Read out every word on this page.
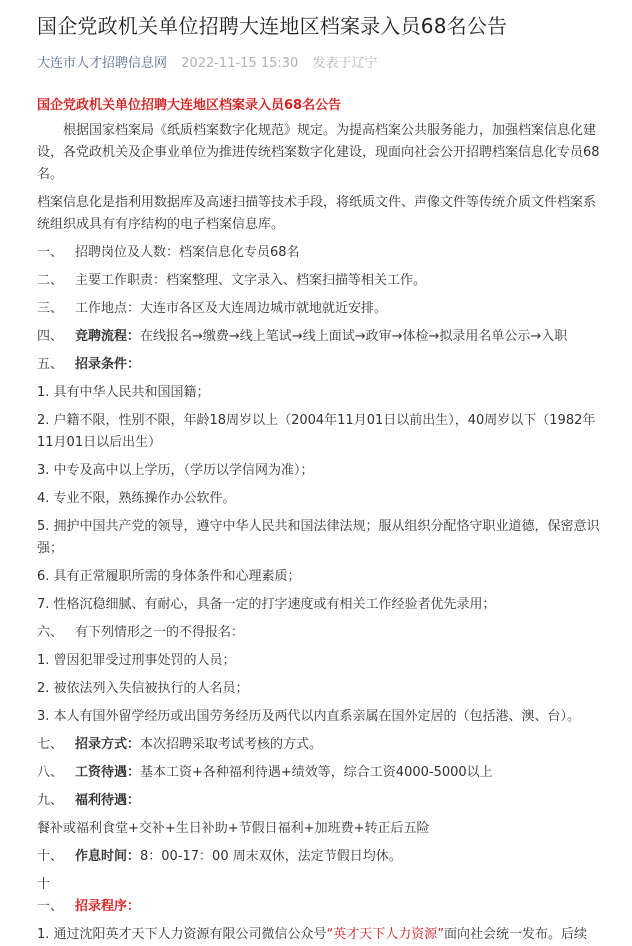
国企党政机关单位招聘大连地区档案录入员68名公告
大连市人才招聘信息网 2022-11-15 15:30 发表于辽宁

国企党政机关单位招聘大连地区档案录入员68名公告

根据国家档案局《纸质档案数字化规范》规定。为提高档案公共服务能力，加强档案信息化建设，各党政机关及企事业单位为推进传统档案数字化建设，现面向社会公开招聘档案信息化专员68名。

档案信息化是指利用数据库及高速扫描等技术手段，将纸质文件、声像文件等传统介质文件档案系统组织成具有有序结构的电子档案信息库。

一、 招聘岗位及人数：档案信息化专员68名

二、 主要工作职责：档案整理、文字录入、档案扫描等相关工作。

三、 工作地点：大连市各区及大连周边城市就地就近安排。

四、 竞聘流程：在线报名→缴费→线上笔试→线上面试→政审→体检→拟录用名单公示→入职

五、 招录条件：

1. 具有中华人民共和国国籍；

2. 户籍不限，性别不限，年龄18周岁以上（2004年11月01日以前出生），40周岁以下（1982年11月01日以后出生）

3. 中专及高中以上学历，（学历以学信网为准）；

4. 专业不限，熟练操作办公软件。

5. 拥护中国共产党的领导，遵守中华人民共和国法律法规；服从组织分配恪守职业道德，保密意识强；

6. 具有正常履职所需的身体条件和心理素质；

7. 性格沉稳细腻、有耐心，具备一定的打字速度或有相关工作经验者优先录用；

六、 有下列情形之一的不得报名：

1. 曾因犯罪受过刑事处罚的人员；

2. 被依法列入失信被执行的人名员；

3. 本人有国外留学经历或出国劳务经历及两代以内直系亲属在国外定居的（包括港、澳、台）。

七、 招录方式：本次招聘采取考试考核的方式。

八、 工资待遇：基本工资+各种福利待遇+绩效等，综合工资4000-5000以上

九、 福利待遇：

餐补或福利食堂+交补+生日补助+节假日福利+加班费+转正后五险

十、 作息时间：8：00-17：00 周末双休，法定节假日均休。

十一、 招录程序：

1. 通过沈阳英才天下人力资源有限公司微信公众号“英才天下人力资源”面向社会统一发布。后续
